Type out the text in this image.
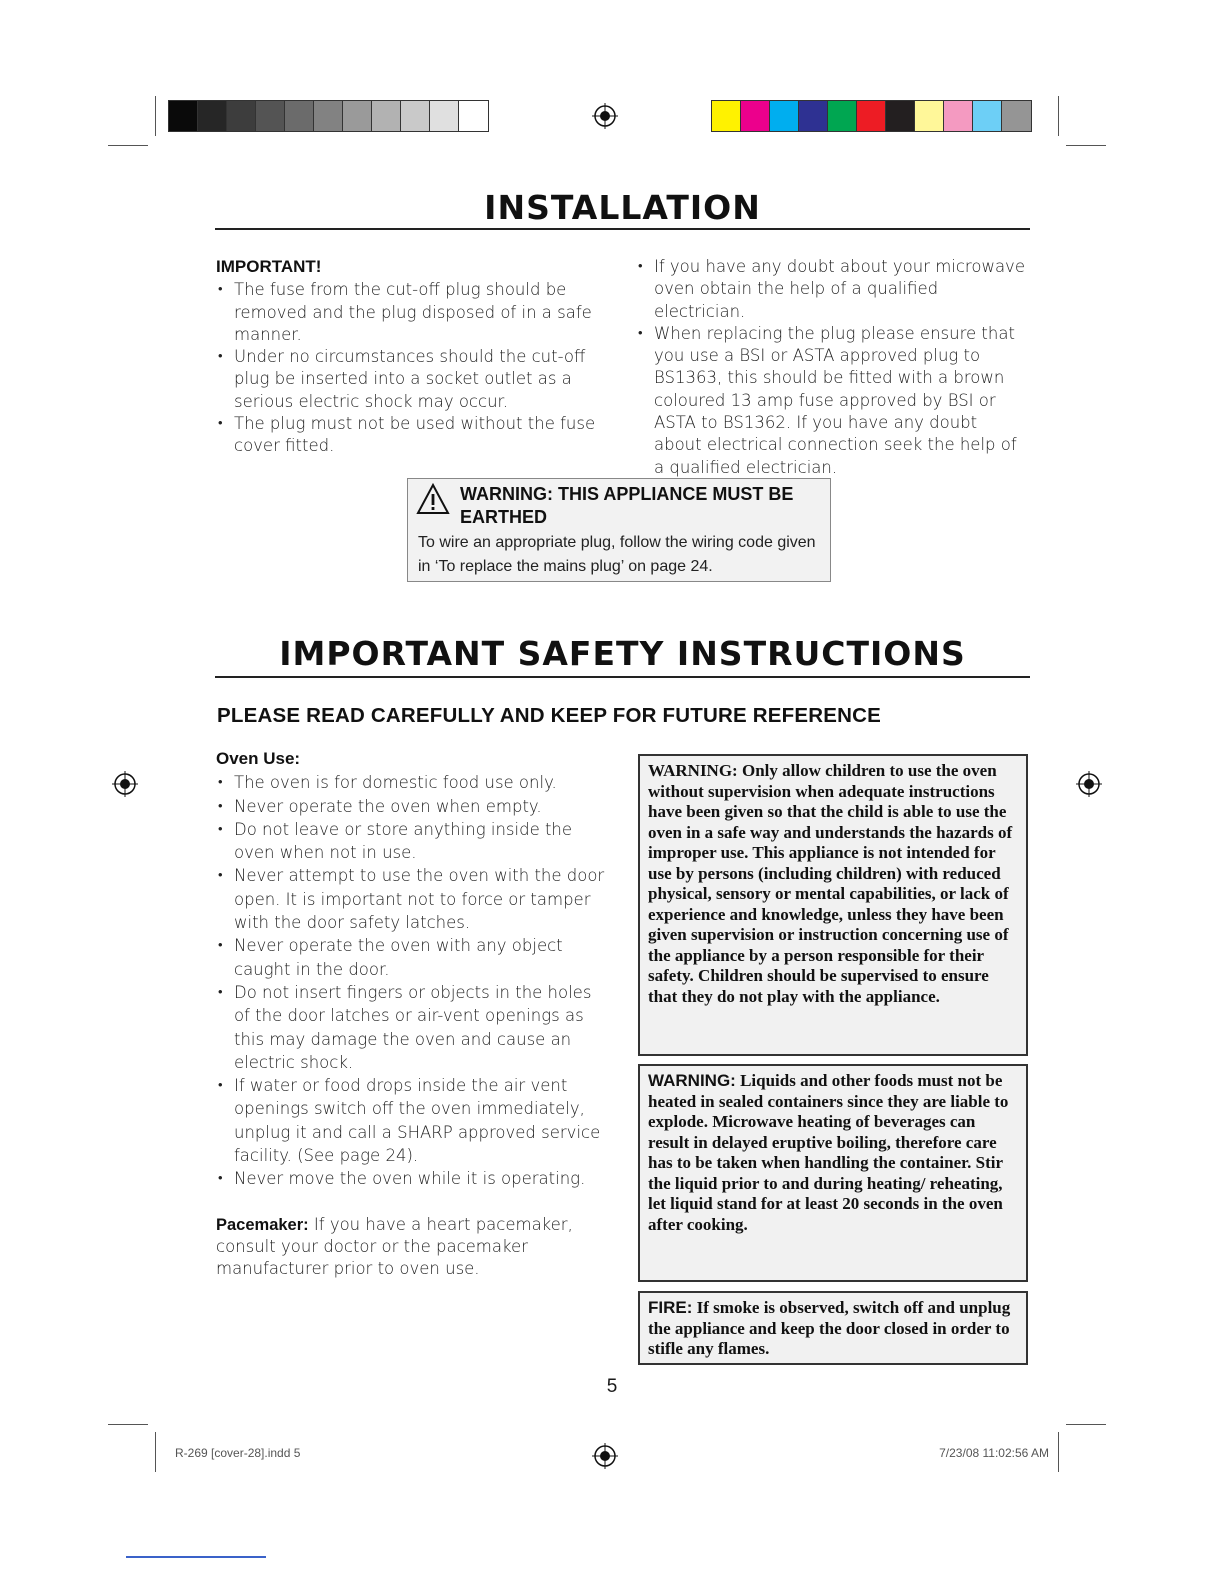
INSTALLATION
IMPORTANT!
• The fuse from the cut-off plug should be removed and the plug disposed of in a safe manner.
• Under no circumstances should the cut-off plug be inserted into a socket outlet as a serious electric shock may occur.
• The plug must not be used without the fuse cover fitted.
• If you have any doubt about your microwave oven obtain the help of a qualified electrician.
• When replacing the plug please ensure that you use a BSI or ASTA approved plug to BS1363, this should be fitted with a brown coloured 13 amp fuse approved by BSI or ASTA to BS1362. If you have any doubt about electrical connection seek the help of a qualified electrician.
WARNING: THIS APPLIANCE MUST BE EARTHED
To wire an appropriate plug, follow the wiring code given in ‘To replace the mains plug’ on page 24.
IMPORTANT SAFETY INSTRUCTIONS
PLEASE READ CAREFULLY AND KEEP FOR FUTURE REFERENCE
Oven Use:
• The oven is for domestic food use only.
• Never operate the oven when empty.
• Do not leave or store anything inside the oven when not in use.
• Never attempt to use the oven with the door open. It is important not to force or tamper with the door safety latches.
• Never operate the oven with any object caught in the door.
• Do not insert fingers or objects in the holes of the door latches or air-vent openings as this may damage the oven and cause an electric shock.
• If water or food drops inside the air vent openings switch off the oven immediately, unplug it and call a SHARP approved service facility. (See page 24).
• Never move the oven while it is operating.
Pacemaker: If you have a heart pacemaker, consult your doctor or the pacemaker manufacturer prior to oven use.
WARNING: Only allow children to use the oven without supervision when adequate instructions have been given so that the child is able to use the oven in a safe way and understands the hazards of improper use. This appliance is not intended for use by persons (including children) with reduced physical, sensory or mental capabilities, or lack of experience and knowledge, unless they have been given supervision or instruction concerning use of the appliance by a person responsible for their safety. Children should be supervised to ensure that they do not play with the appliance.
WARNING: Liquids and other foods must not be heated in sealed containers since they are liable to explode. Microwave heating of beverages can result in delayed eruptive boiling, therefore care has to be taken when handling the container. Stir the liquid prior to and during heating/ reheating, let liquid stand for at least 20 seconds in the oven after cooking.
FIRE: If smoke is observed, switch off and unplug the appliance and keep the door closed in order to stifle any flames.
5
R-269 [cover-28].indd 5	7/23/08 11:02:56 AM
